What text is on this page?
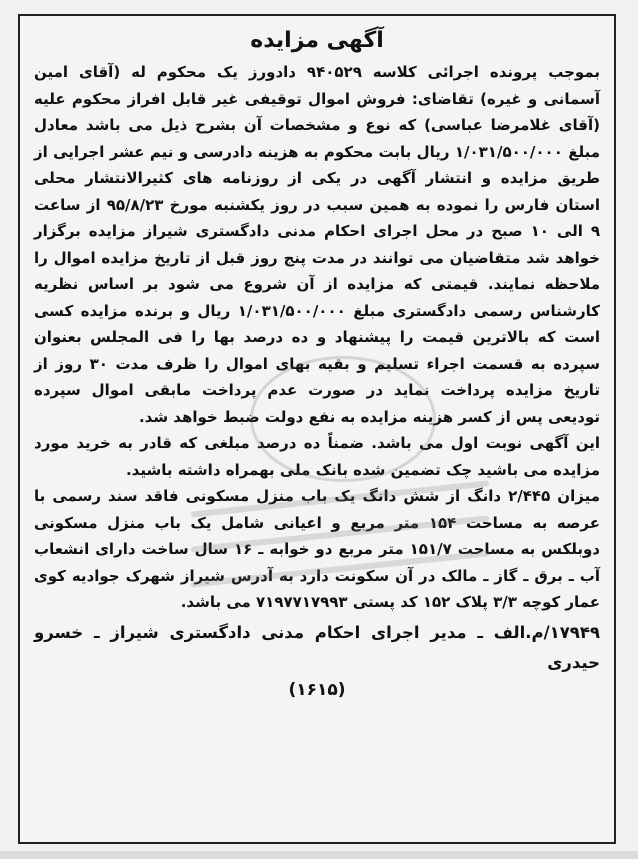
آگهی مزایده

بموجب پرونده اجرائی کلاسه ۹۴۰۵۲۹ دادورز یک محکوم له (آقای امین آسمانی و غیره) تقاضای: فروش اموال توقیفی غیر قابل افراز محکوم علیه (آقای غلامرضا عباسی) که نوع و مشخصات آن بشرح ذیل می باشد معادل مبلغ ۱/۰۳۱/۵۰۰/۰۰۰ ریال بابت محکوم به هزینه دادرسی و نیم عشر اجرایی از طریق مزایده و انتشار آگهی در یکی از روزنامه های کثیرالانتشار محلی استان فارس را نموده به همین سبب در روز یکشنبه مورخ ۹۵/۸/۲۳ از ساعت ۹ الی ۱۰ صبح در محل اجرای احکام مدنی دادگستری شیراز مزایده برگزار خواهد شد متقاضیان می توانند در مدت پنج روز قبل از تاریخ مزایده اموال را ملاحظه نمایند. قیمتی که مزایده از آن شروع می شود بر اساس نظریه کارشناس رسمی دادگستری مبلغ ۱/۰۳۱/۵۰۰/۰۰۰ ریال و برنده مزایده کسی است که بالاترین قیمت را پیشنهاد و ده درصد بها را فی المجلس بعنوان سپرده به قسمت اجراء تسلیم و بقیه بهای اموال را ظرف مدت ۳۰ روز از تاریخ مزایده پرداخت نماید در صورت عدم پرداخت مابقی اموال سپرده تودیعی پس از کسر هزینه مزایده به نفع دولت ضبط خواهد شد.

این آگهی نوبت اول می باشد. ضمناً ده درصد مبلغی که قادر به خرید مورد مزایده می باشید چک تضمین شده بانک ملی بهمراه داشته باشید.

میزان ۲/۴۴۵ دانگ از شش دانگ یک باب منزل مسکونی فاقد سند رسمی با عرصه به مساحت ۱۵۴ متر مربع و اعیانی شامل یک باب منزل مسکونی دوبلکس به مساحت ۱۵۱/۷ متر مربع دو خوابه ـ ۱۶ سال ساخت دارای انشعاب آب ـ برق ـ گاز ـ مالک در آن سکونت دارد به آدرس شیراز شهرک جوادیه کوی عمار کوچه ۳/۳ پلاک ۱۵۲ کد پستی ۷۱۹۷۷۱۷۹۹۳ می باشد.

۱۷۹۴۹/م.الف ـ مدیر اجرای احکام مدنی دادگستری شیراز ـ خسرو حیدری

(۱۶۱۵)
